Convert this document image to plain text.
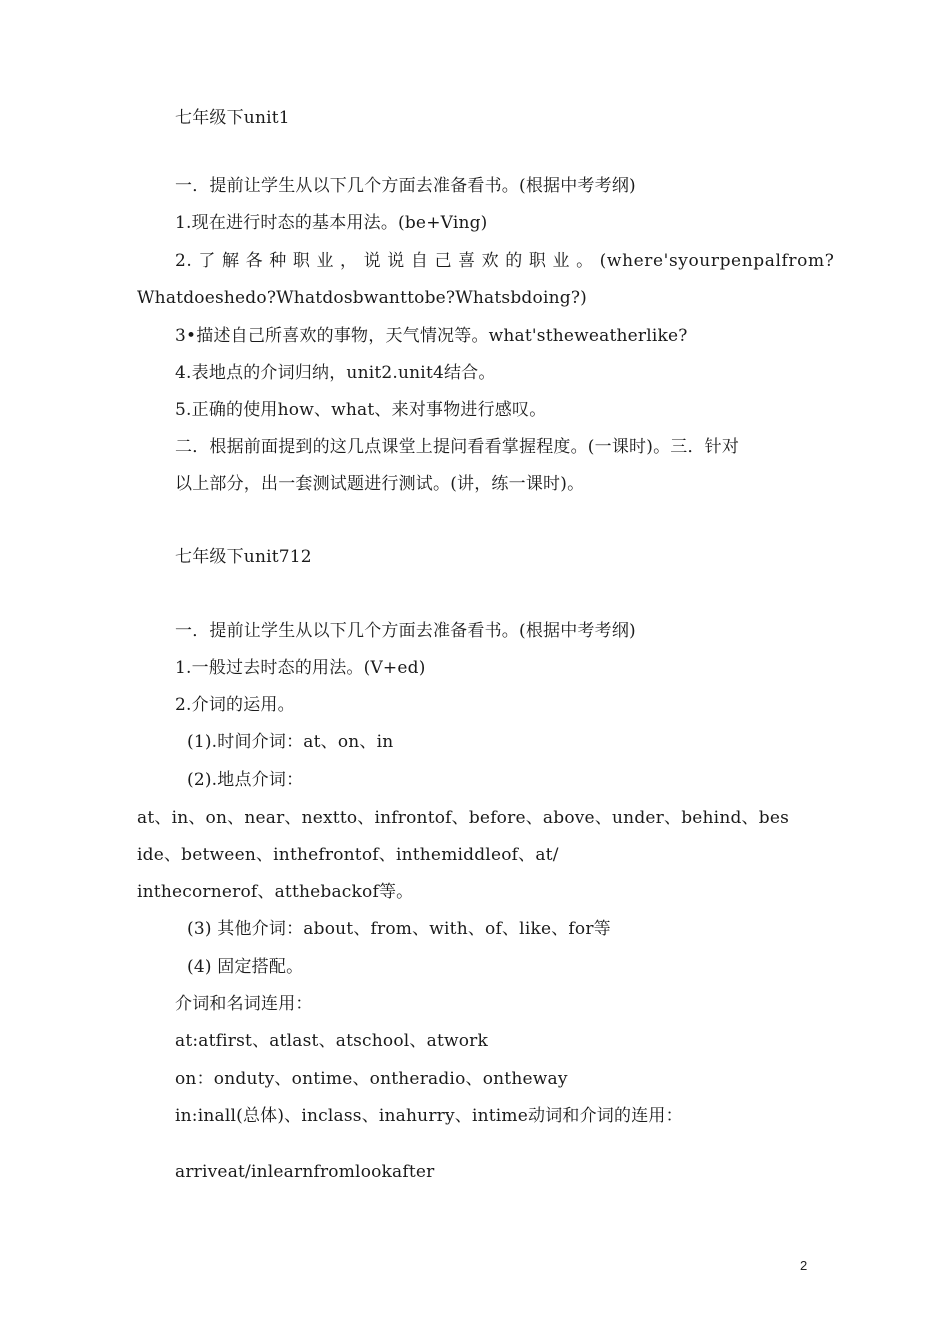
七年级下unit1
一．提前让学生从以下几个方面去准备看书。(根据中考考纲)
1.现在进行时态的基本用法。(be+Ving)
2. 了 解 各 种 职 业 ， 说 说 自 己 喜 欢 的 职 业 。 (where'syourpenpalfrom?
Whatdoeshedo?Whatdosbwanttobe?Whatsbdoing?)
3•描述自己所喜欢的事物，天气情况等。what'stheweatherlike?
4.表地点的介词归纳，unit2.unit4结合。
5.正确的使用how、what、来对事物进行感叹。
二．根据前面提到的这几点课堂上提问看看掌握程度。(一课时)。三．针对
以上部分，出一套测试题进行测试。(讲，练一课时)。
七年级下unit712
一．提前让学生从以下几个方面去准备看书。(根据中考考纲)
1.一般过去时态的用法。(V+ed)
2.介词的运用。
(1).时间介词：at、on、in
(2).地点介词：
at、in、on、near、nextto、infrontof、before、above、under、behind、bes
ide、between、inthefrontof、inthemiddleof、at/
inthecornerof、atthebackof等。
(3) 其他介词：about、from、with、of、like、for等
(4) 固定搭配。
介词和名词连用：
at:atfirst、atlast、atschool、atwork
on：onduty、ontime、ontheradio、ontheway
in:inall(总体)、inclass、inahurry、intime动词和介词的连用：
arriveat/inlearnfromlookafter
2
